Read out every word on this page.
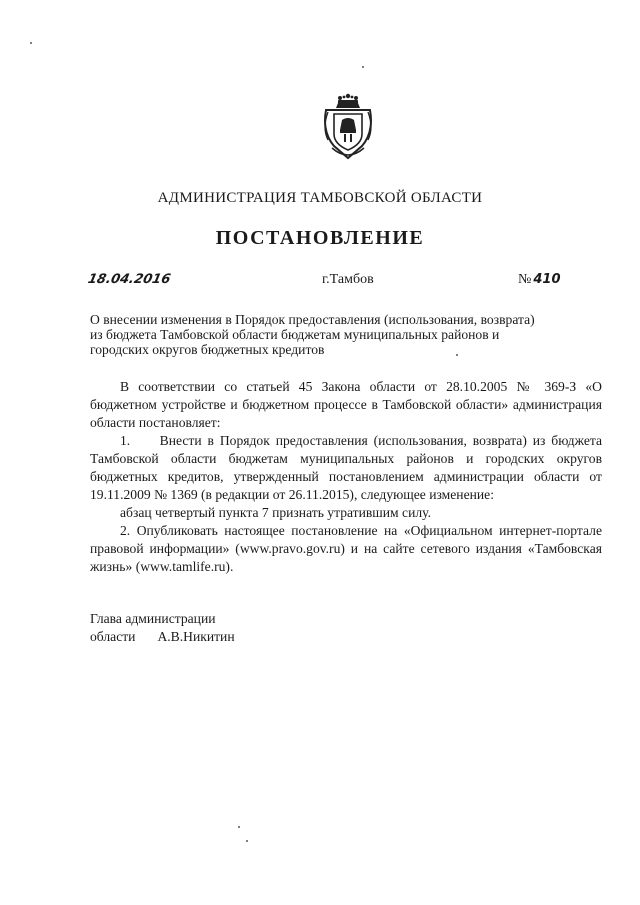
АДМИНИСТРАЦИЯ ТАМБОВСКОЙ ОБЛАСТИ
ПОСТАНОВЛЕНИЕ
18.04.2016	г.Тамбов	№ 410
О внесении изменения в Порядок предоставления (использования, возврата)
из бюджета Тамбовской области бюджетам муниципальных районов и
городских округов бюджетных кредитов

В соответствии со статьей 45 Закона области от 28.10.2005 № 369-З «О бюджетном устройстве и бюджетном процессе в Тамбовской области» администрация области постановляет:

1.     Внести в Порядок предоставления (использования, возврата) из бюджета Тамбовской области бюджетам муниципальных районов и городских округов бюджетных кредитов, утвержденный постановлением администрации области от 19.11.2009 № 1369 (в редакции от 26.11.2015), следующее изменение:

абзац четвертый пункта 7 признать утратившим силу.

2. Опубликовать настоящее постановление на «Официальном интернет-портале правовой информации» (www.pravo.gov.ru) и на сайте сетевого издания «Тамбовская жизнь» (www.tamlife.ru).

Глава администрации
области А.В.Никитин
